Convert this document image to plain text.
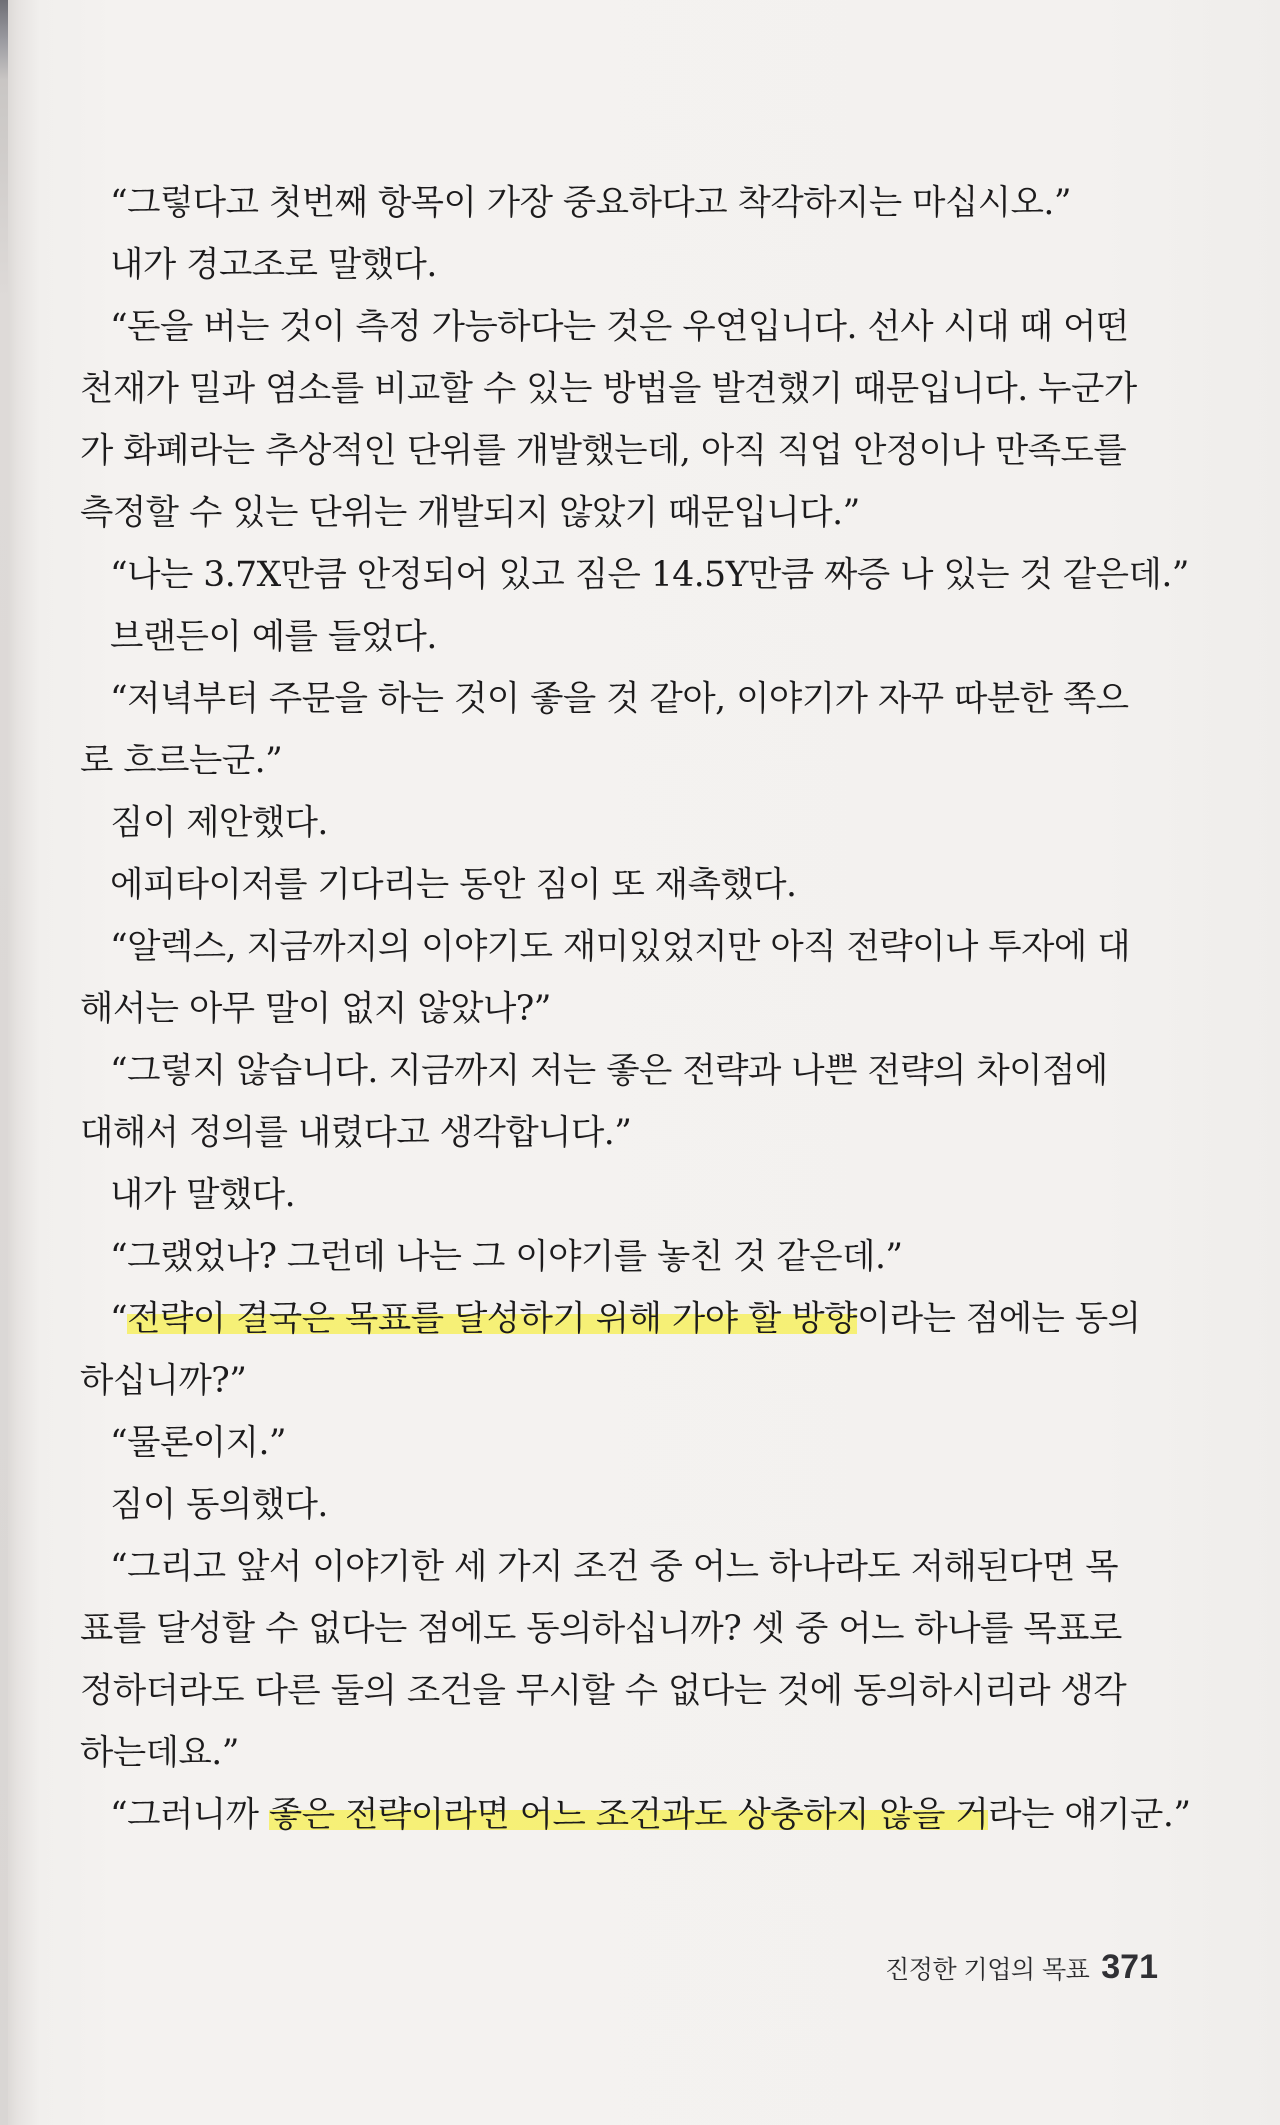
“그렇다고 첫번째 항목이 가장 중요하다고 착각하지는 마십시오.”

내가 경고조로 말했다.

“돈을 버는 것이 측정 가능하다는 것은 우연입니다. 선사 시대 때 어떤

천재가 밀과 염소를 비교할 수 있는 방법을 발견했기 때문입니다. 누군가

가 화폐라는 추상적인 단위를 개발했는데, 아직 직업 안정이나 만족도를

측정할 수 있는 단위는 개발되지 않았기 때문입니다.”

“나는 3.7X만큼 안정되어 있고 짐은 14.5Y만큼 짜증 나 있는 것 같은데.”

브랜든이 예를 들었다.

“저녁부터 주문을 하는 것이 좋을 것 같아, 이야기가 자꾸 따분한 쪽으

로 흐르는군.”

짐이 제안했다.

에피타이저를 기다리는 동안 짐이 또 재촉했다.

“알렉스, 지금까지의 이야기도 재미있었지만 아직 전략이나 투자에 대

해서는 아무 말이 없지 않았나?”

“그렇지 않습니다. 지금까지 저는 좋은 전략과 나쁜 전략의 차이점에

대해서 정의를 내렸다고 생각합니다.”

내가 말했다.

“그랬었나? 그런데 나는 그 이야기를 놓친 것 같은데.”

“전략이 결국은 목표를 달성하기 위해 가야 할 방향이라는 점에는 동의

하십니까?”

“물론이지.”

짐이 동의했다.

“그리고 앞서 이야기한 세 가지 조건 중 어느 하나라도 저해된다면 목

표를 달성할 수 없다는 점에도 동의하십니까? 셋 중 어느 하나를 목표로

정하더라도 다른 둘의 조건을 무시할 수 없다는 것에 동의하시리라 생각

하는데요.”

“그러니까 좋은 전략이라면 어느 조건과도 상충하지 않을 거라는 얘기군.”

진정한 기업의 목표 371
